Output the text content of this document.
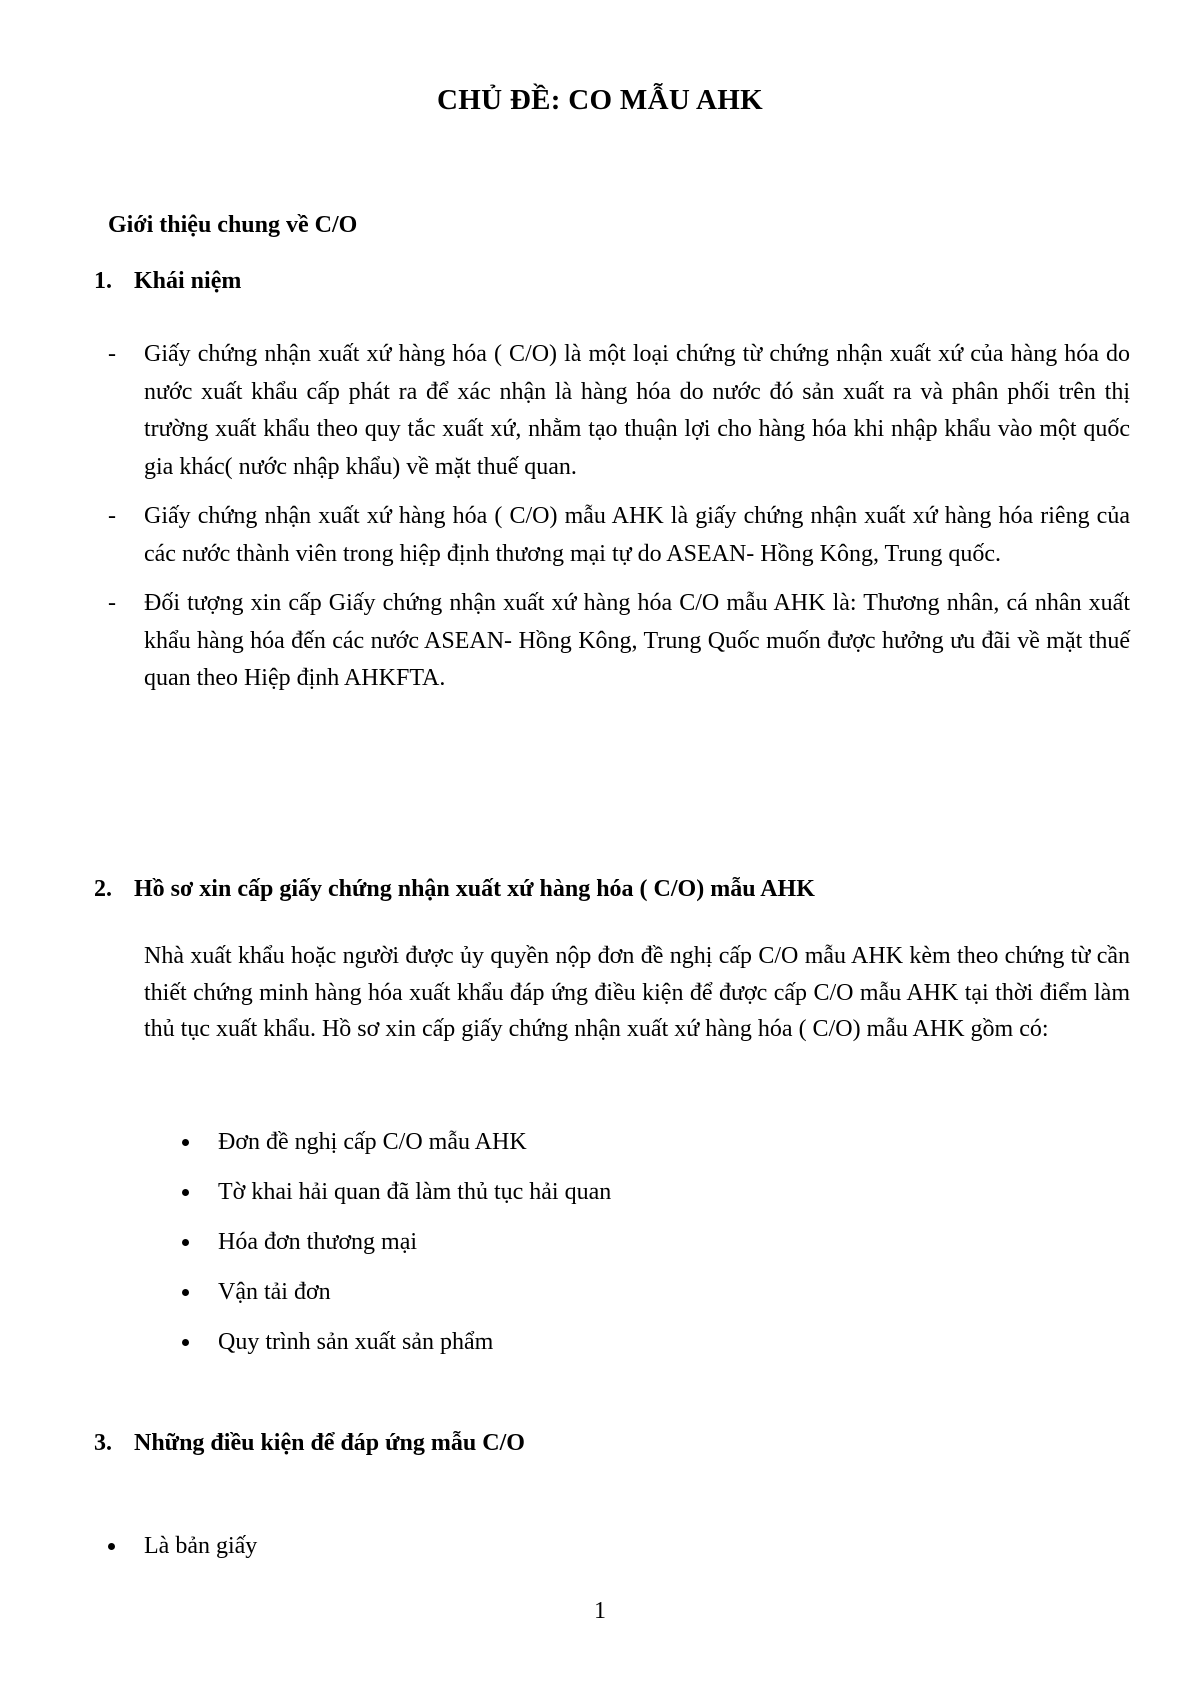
CHỦ ĐỀ: CO MẪU AHK

Giới thiệu chung về C/O

1. Khái niệm
- Giấy chứng nhận xuất xứ hàng hóa ( C/O) là một loại chứng từ chứng nhận xuất xứ của hàng hóa do nước xuất khẩu cấp phát ra để xác nhận là hàng hóa do nước đó sản xuất ra và phân phối trên thị trường xuất khẩu theo quy tắc xuất xứ, nhằm tạo thuận lợi cho hàng hóa khi nhập khẩu vào một quốc gia khác( nước nhập khẩu) về mặt thuế quan.
- Giấy chứng nhận xuất xứ hàng hóa ( C/O) mẫu AHK là giấy chứng nhận xuất xứ hàng hóa riêng của các nước thành viên trong hiệp định thương mại tự do ASEAN- Hồng Kông, Trung quốc.
- Đối tượng xin cấp Giấy chứng nhận xuất xứ hàng hóa C/O mẫu AHK là: Thương nhân, cá nhân xuất khẩu hàng hóa đến các nước ASEAN- Hồng Kông, Trung Quốc muốn được hưởng ưu đãi về mặt thuế quan theo Hiệp định AHKFTA.
2. Hồ sơ xin cấp giấy chứng nhận xuất xứ hàng hóa ( C/O) mẫu AHK

Nhà xuất khẩu hoặc người được ủy quyền nộp đơn đề nghị cấp C/O mẫu AHK kèm theo chứng từ cần thiết chứng minh hàng hóa xuất khẩu đáp ứng điều kiện để được cấp C/O mẫu AHK tại thời điểm làm thủ tục xuất khẩu. Hồ sơ xin cấp giấy chứng nhận xuất xứ hàng hóa ( C/O) mẫu AHK gồm có:

Đơn đề nghị cấp C/O mẫu AHK
Tờ khai hải quan đã làm thủ tục hải quan
Hóa đơn thương mại
Vận tải đơn
Quy trình sản xuất sản phẩm
3. Những điều kiện để đáp ứng mẫu C/O

Là bản giấy

1
